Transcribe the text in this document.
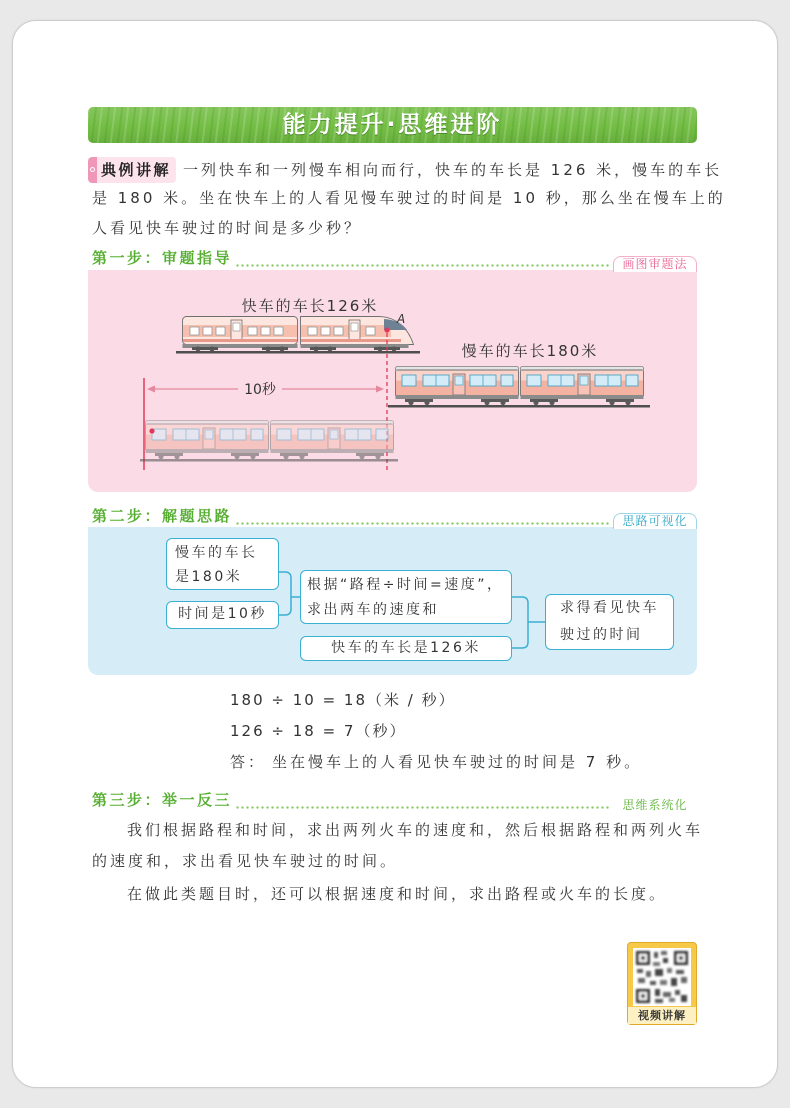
能力提升·思维进阶
典例讲解 一列快车和一列慢车相向而行，快车的车长是 126 米，慢车的车长
是 180 米。坐在快车上的人看见慢车驶过的时间是 10 秒，那么坐在慢车上的
人看见快车驶过的时间是多少秒？
第一步：审题指导	画图审题法
快车的车长126米
A
慢车的车长180米
10秒
第二步：解题思路	思路可视化
慢车的车长
是180米
时间是10秒
根据“路程÷时间=速度”，
求出两车的速度和
快车的车长是126米
求得看见快车
驶过的时间
180 ÷ 10 = 18（米 / 秒）
126 ÷ 18 = 7（秒）
答： 坐在慢车上的人看见快车驶过的时间是 7 秒。
第三步：举一反三	思维系统化
我们根据路程和时间，求出两列火车的速度和，然后根据路程和两列火车
的速度和，求出看见快车驶过的时间。
在做此类题目时，还可以根据速度和时间，求出路程或火车的长度。
视频讲解
